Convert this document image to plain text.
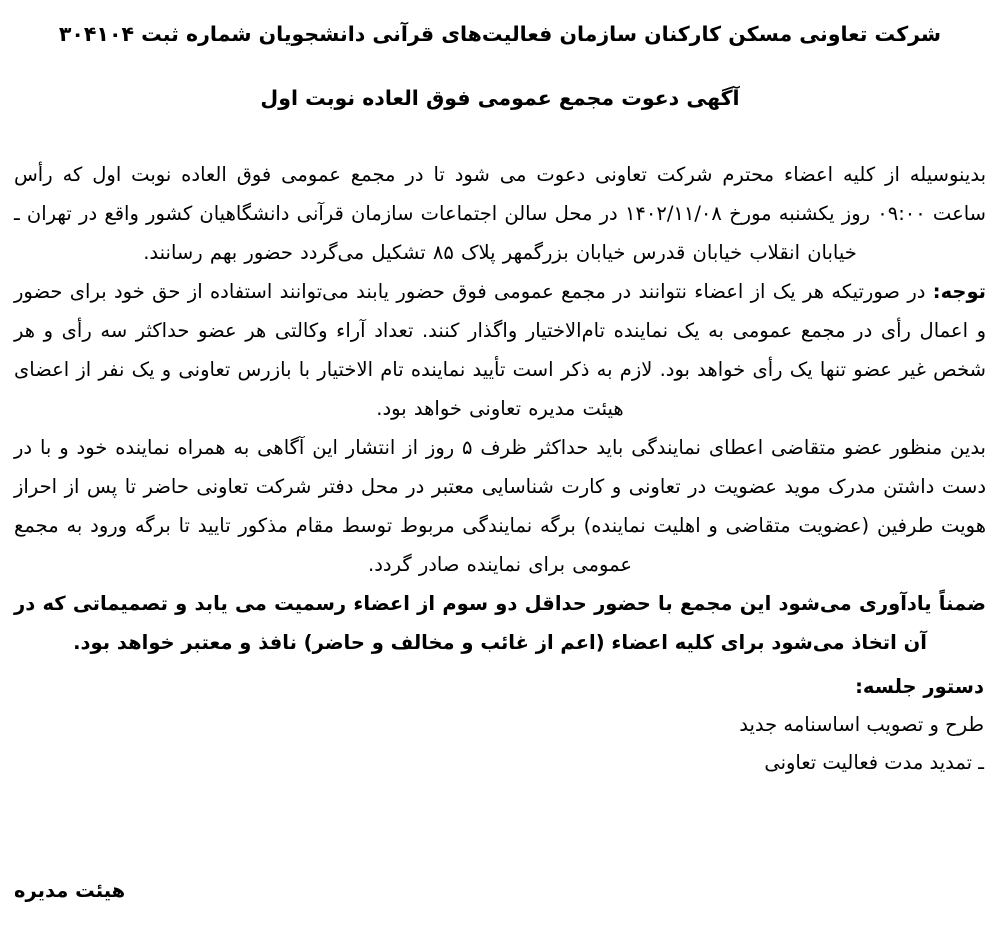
شرکت تعاونی مسکن کارکنان سازمان فعالیت‌های قرآنی دانشجویان شماره ثبت ۳۰۴۱۰۴
آگهی دعوت مجمع عمومی فوق العاده نوبت اول

بدینوسیله از کلیه اعضاء محترم شرکت تعاونی دعوت می شود تا در مجمع عمومی فوق العاده نوبت اول که رأس ساعت ۰۹:۰۰ روز یکشنبه مورخ ۱۴۰۲/۱۱/۰۸ در محل سالن اجتماعات سازمان قرآنی دانشگاهیان کشور واقع در تهران ـ خیابان انقلاب خیابان قدرس خیابان بزرگمهر پلاک ۸۵ تشکیل می‌گردد حضور بهم رسانند.

توجه: در صورتیکه هر یک از اعضاء نتوانند در مجمع عمومی فوق حضور یابند می‌توانند استفاده از حق خود برای حضور و اعمال رأی در مجمع عمومی به یک نماینده تام‌الاختیار واگذار کنند. تعداد آراء وکالتی هر عضو حداکثر سه رأی و هر شخص غیر عضو تنها یک رأی خواهد بود. لازم به ذکر است تأیید نماینده تام الاختیار با بازرس تعاونی و یک نفر از اعضای هیئت مدیره تعاونی خواهد بود.

بدین منظور عضو متقاضی اعطای نمایندگی باید حداکثر ظرف ۵ روز از انتشار این آگاهی به همراه نماینده خود و با در دست داشتن مدرک موید عضویت در تعاونی و کارت شناسایی معتبر در محل دفتر شرکت تعاونی حاضر تا پس از احراز هویت طرفین (عضویت متقاضی و اهلیت نماینده) برگه نمایندگی مربوط توسط مقام مذکور تایید تا برگه ورود به مجمع عمومی برای نماینده صادر گردد.

ضمناً یادآوری می‌شود این مجمع با حضور حداقل دو سوم از اعضاء رسمیت می یابد و تصمیماتی که در آن اتخاذ می‌شود برای کلیه اعضاء (اعم از غائب و مخالف و حاضر) نافذ و معتبر خواهد بود.

دستور جلسه:

طرح و تصویب اساسنامه جدید
ـ تمدید مدت فعالیت تعاونی
هیئت مدیره
